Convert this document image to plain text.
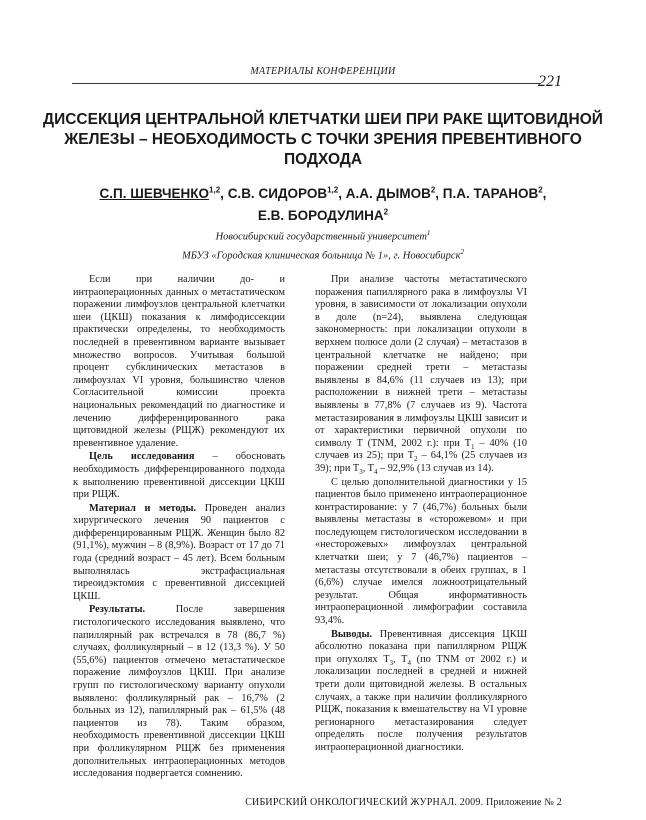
МАТЕРИАЛЫ КОНФЕРЕНЦИИ
221
ДИССЕКЦИЯ ЦЕНТРАЛЬНОЙ КЛЕТЧАТКИ ШЕИ ПРИ РАКЕ ЩИТОВИДНОЙ ЖЕЛЕЗЫ – НЕОБХОДИМОСТЬ С ТОЧКИ ЗРЕНИЯ ПРЕВЕНТИВНОГО ПОДХОДА
С.П. ШЕВЧЕНКО$^{1,2}$, С.В. СИДОРОВ$^{1,2}$, А.А. ДЫМОВ$^2$, П.А. ТАРАНОВ$^2$,
Е.В. БОРОДУЛИНА$^2$
Новосибирский государственный университет$^1$
МБУЗ «Городская клиническая больница № 1», г. Новосибирск$^2$

Если при наличии до- и интраоперационных данных о метастатическом поражении лимфоузлов центральной клетчатки шеи (ЦКШ) показания к лимфодиссекции практически определены, то необходимость последней в превентивном варианте вызывает множество вопросов. Учитывая большой процент субклинических метастазов в лимфоузлах VI уровня, большинство членов Согласительной комиссии проекта национальных рекомендаций по диагностике и лечению дифференцированного рака щитовидной железы (РЩЖ) рекомендуют их превентивное удаление.

Цель исследования – обосновать необходимость дифференцированного подхода к выполнению превентивной диссекции ЦКШ при РЩЖ.

Материал и методы. Проведен анализ хирургического лечения 90 пациентов с дифференцированным РЩЖ. Женщин было 82 (91,1%), мужчин – 8 (8,9%). Возраст от 17 до 71 года (средний возраст – 45 лет). Всем больным выполнялась экстрафасциальная тиреоидэктомия с превентивной диссекцией ЦКШ.

Результаты. После завершения гистологического исследования выявлено, что папиллярный рак встречался в 78 (86,7 %) случаях, фолликулярный – в 12 (13,3 %). У 50 (55,6%) пациентов отмечено метастатическое поражение лимфоузлов ЦКШ. При анализе групп по гистологическому варианту опухоли выявлено: фолликулярный рак – 16,7% (2 больных из 12), папиллярный рак – 61,5% (48 пациентов из 78). Таким образом, необходимость превентивной диссекции ЦКШ при фолликулярном РЩЖ без применения дополнительных интраоперационных методов исследования подвергается сомнению.

При анализе частоты метастатического поражения папиллярного рака в лимфоузлы VI уровня, в зависимости от локализации опухоли в доле (n=24), выявлена следующая закономерность: при локализации опухоли в верхнем полюсе доли (2 случая) – метастазов в центральной клетчатке не найдено; при поражении средней трети – метастазы выявлены в 84,6% (11 случаев из 13); при расположении в нижней трети – метастазы выявлены в 77,8% (7 случаев из 9). Частота метастазирования в лимфоузлы ЦКШ зависит и от характеристики первичной опухоли по символу T (TNM, 2002 г.): при $T_1 - 40\%$ (10 случаев из 25); при $T_2 - 64,1\%$ (25 случаев из 39); при $T_3$, $T_4 - 92,9\%$ (13 случав из 14).

С целью дополнительной диагностики у 15 пациентов было применено интраоперационное контрастирование: у 7 (46,7%) больных были выявлены метастазы в «сторожевом» и при последующем гистологическом исследовании в «несторожевых» лимфоузлах центральной клетчатки шеи; у 7 (46,7%) пациентов – метастазы отсутствовали в обеих группах, в 1 (6,6%) случае имелся ложноотрицательный результат. Общая информативность интраоперационной лимфографии составила 93,4%.

Выводы. Превентивная диссекция ЦКШ абсолютно показана при папиллярном РЩЖ при опухолях $T_3$, $T_4$ (по TNM от 2002 г.) и локализации последней в средней и нижней трети доли щитовидной железы. В остальных случаях, а также при наличии фолликулярного РЩЖ, показания к вмешательству на VI уровне регионарного метастазирования следует определять после получения результатов интраоперационной диагностики.

СИБИРСКИЙ ОНКОЛОГИЧЕСКИЙ ЖУРНАЛ. 2009. Приложение № 2
